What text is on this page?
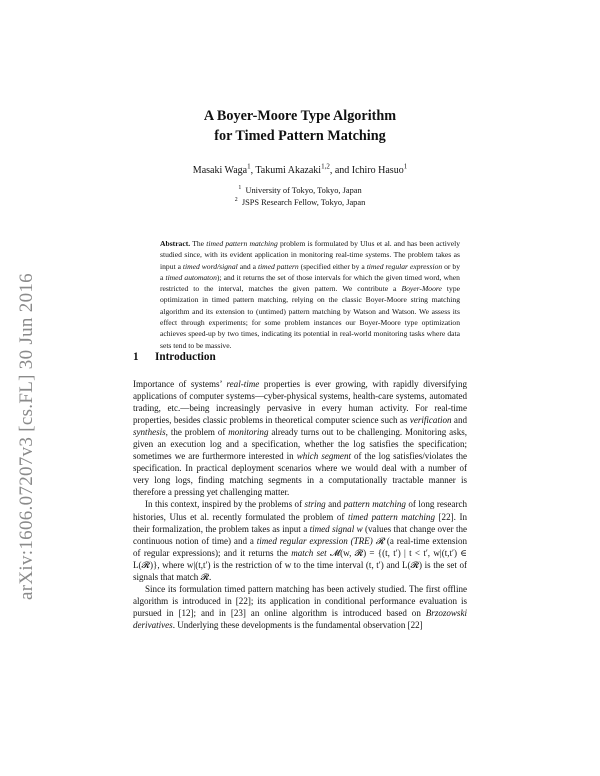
arXiv:1606.07207v3 [cs.FL] 30 Jun 2016
A Boyer-Moore Type Algorithm
for Timed Pattern Matching
Masaki Waga$^1$, Takumi Akazaki$^{1,2}$, and Ichiro Hasuo$^1$
$^1$ University of Tokyo, Tokyo, Japan
$^2$ JSPS Research Fellow, Tokyo, Japan
Abstract. The timed pattern matching problem is formulated by Ulus et al. and has been actively studied since, with its evident application in monitoring real-time systems. The problem takes as input a timed word/signal and a timed pattern (specified either by a timed regular expression or by a timed automaton); and it returns the set of those intervals for which the given timed word, when restricted to the interval, matches the given pattern. We contribute a Boyer-Moore type optimization in timed pattern matching, relying on the classic Boyer-Moore string matching algorithm and its extension to (untimed) pattern matching by Watson and Watson. We assess its effect through experiments; for some problem instances our Boyer-Moore type optimization achieves speed-up by two times, indicating its potential in real-world monitoring tasks where data sets tend to be massive.
1 Introduction

Importance of systems’ real-time properties is ever growing, with rapidly diversifying applications of computer systems—cyber-physical systems, health-care systems, automated trading, etc.—being increasingly pervasive in every human activity. For real-time properties, besides classic problems in theoretical computer science such as verification and synthesis, the problem of monitoring already turns out to be challenging. Monitoring asks, given an execution log and a specification, whether the log satisfies the specification; sometimes we are furthermore interested in which segment of the log satisfies/violates the specification. In practical deployment scenarios where we would deal with a number of very long logs, finding matching segments in a computationally tractable manner is therefore a pressing yet challenging matter.

In this context, inspired by the problems of string and pattern matching of long research histories, Ulus et al. recently formulated the problem of timed pattern matching [22]. In their formalization, the problem takes as input a timed signal w (values that change over the continuous notion of time) and a timed regular expression (TRE) 𝓡 (a real-time extension of regular expressions); and it returns the match set 𝓜(w, 𝓡) = {(t, t′) | t < t′, w|(t,t′) ∈ L(𝓡)}, where w|(t,t′) is the restriction of w to the time interval (t, t′) and L(𝓡) is the set of signals that match 𝓡.

Since its formulation timed pattern matching has been actively studied. The first offline algorithm is introduced in [22]; its application in conditional performance evaluation is pursued in [12]; and in [23] an online algorithm is introduced based on Brzozowski derivatives. Underlying these developments is the fundamental observation [22]
